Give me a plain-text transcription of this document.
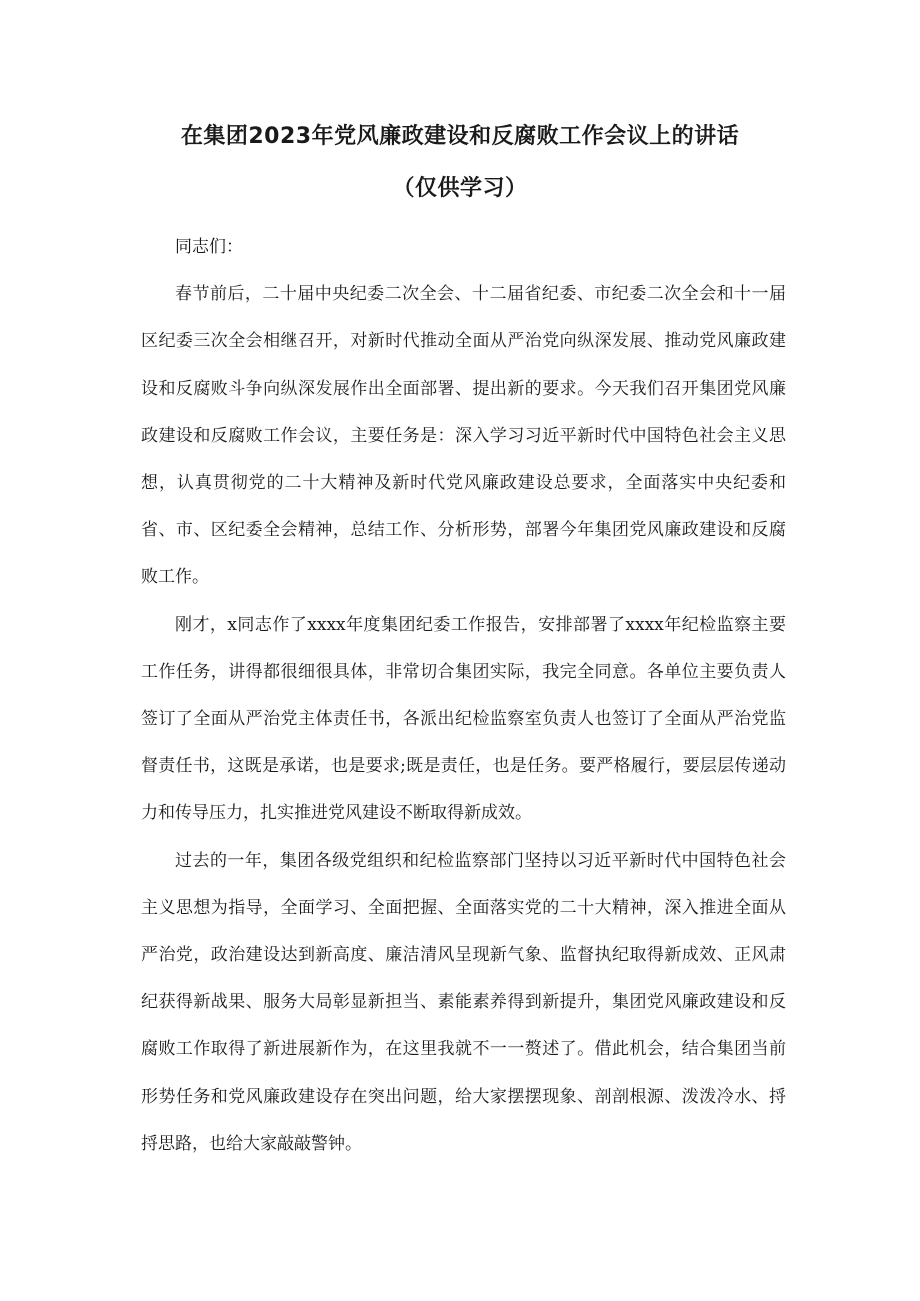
在集团2023年党风廉政建设和反腐败工作会议上的讲话
（仅供学习）

同志们：

春节前后，二十届中央纪委二次全会、十二届省纪委、市纪委二次全会和十一届区纪委三次全会相继召开，对新时代推动全面从严治党向纵深发展、推动党风廉政建设和反腐败斗争向纵深发展作出全面部署、提出新的要求。今天我们召开集团党风廉政建设和反腐败工作会议，主要任务是：深入学习习近平新时代中国特色社会主义思想，认真贯彻党的二十大精神及新时代党风廉政建设总要求，全面落实中央纪委和省、市、区纪委全会精神，总结工作、分析形势，部署今年集团党风廉政建设和反腐败工作。

刚才，x同志作了xxxx年度集团纪委工作报告，安排部署了xxxx年纪检监察主要工作任务，讲得都很细很具体，非常切合集团实际，我完全同意。各单位主要负责人签订了全面从严治党主体责任书，各派出纪检监察室负责人也签订了全面从严治党监督责任书，这既是承诺，也是要求;既是责任，也是任务。要严格履行，要层层传递动力和传导压力，扎实推进党风建设不断取得新成效。

过去的一年，集团各级党组织和纪检监察部门坚持以习近平新时代中国特色社会主义思想为指导，全面学习、全面把握、全面落实党的二十大精神，深入推进全面从严治党，政治建设达到新高度、廉洁清风呈现新气象、监督执纪取得新成效、正风肃纪获得新战果、服务大局彰显新担当、素能素养得到新提升，集团党风廉政建设和反腐败工作取得了新进展新作为，在这里我就不一一赘述了。借此机会，结合集团当前形势任务和党风廉政建设存在突出问题，给大家摆摆现象、剖剖根源、泼泼冷水、捋捋思路，也给大家敲敲警钟。
